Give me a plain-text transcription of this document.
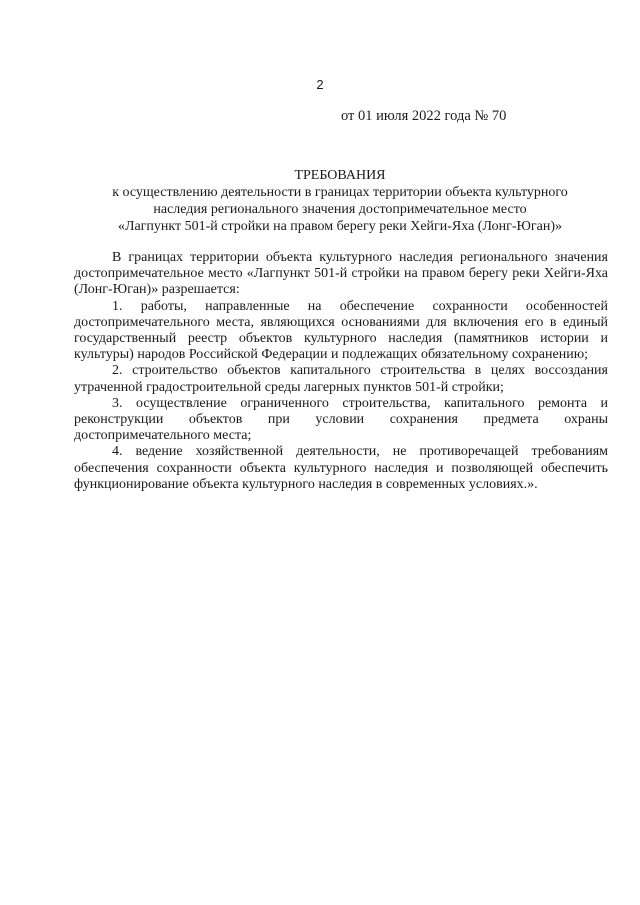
2
от 01 июля 2022 года № 70
ТРЕБОВАНИЯ
к осуществлению деятельности в границах территории объекта культурного
наследия регионального значения достопримечательное место
«Лагпункт 501-й стройки на правом берегу реки Хейги-Яха (Лонг-Юган)»

В границах территории объекта культурного наследия регионального значения достопримечательное место «Лагпункт 501-й стройки на правом берегу реки Хейги-Яха (Лонг-Юган)» разрешается:

1. работы, направленные на обеспечение сохранности особенностей достопримечательного места, являющихся основаниями для включения его в единый государственный реестр объектов культурного наследия (памятников истории и культуры) народов Российской Федерации и подлежащих обязательному сохранению;

2. строительство объектов капитального строительства в целях воссоздания утраченной градостроительной среды лагерных пунктов 501-й стройки;

3. осуществление ограниченного строительства, капитального ремонта и реконструкции объектов при условии сохранения предмета охраны достопримечательного места;

4. ведение хозяйственной деятельности, не противоречащей требованиям обеспечения сохранности объекта культурного наследия и позволяющей обеспечить функционирование объекта культурного наследия в современных условиях.».
